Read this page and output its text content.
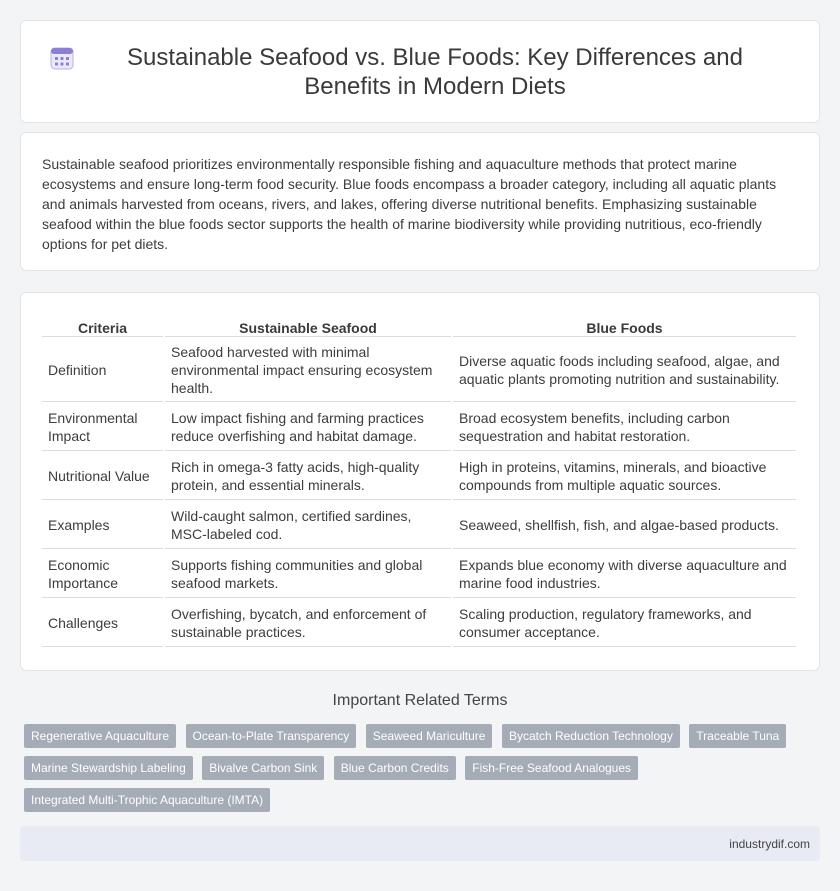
Sustainable Seafood vs. Blue Foods: Key Differences and Benefits in Modern Diets

Sustainable seafood prioritizes environmentally responsible fishing and aquaculture methods that protect marine ecosystems and ensure long-term food security. Blue foods encompass a broader category, including all aquatic plants and animals harvested from oceans, rivers, and lakes, offering diverse nutritional benefits. Emphasizing sustainable seafood within the blue foods sector supports the health of marine biodiversity while providing nutritious, eco-friendly options for pet diets.

Criteria	Sustainable Seafood	Blue Foods
Definition	Seafood harvested with minimal environmental impact ensuring ecosystem health.	Diverse aquatic foods including seafood, algae, and aquatic plants promoting nutrition and sustainability.
Environmental Impact	Low impact fishing and farming practices reduce overfishing and habitat damage.	Broad ecosystem benefits, including carbon sequestration and habitat restoration.
Nutritional Value	Rich in omega-3 fatty acids, high-quality protein, and essential minerals.	High in proteins, vitamins, minerals, and bioactive compounds from multiple aquatic sources.
Examples	Wild-caught salmon, certified sardines, MSC-labeled cod.	Seaweed, shellfish, fish, and algae-based products.
Economic Importance	Supports fishing communities and global seafood markets.	Expands blue economy with diverse aquaculture and marine food industries.
Challenges	Overfishing, bycatch, and enforcement of sustainable practices.	Scaling production, regulatory frameworks, and consumer acceptance.
Important Related Terms
Regenerative Aquaculture Ocean-to-Plate Transparency Seaweed Mariculture Bycatch Reduction Technology Traceable Tuna Marine Stewardship Labeling Bivalve Carbon Sink Blue Carbon Credits Fish-Free Seafood Analogues Integrated Multi-Trophic Aquaculture (IMTA)
industrydif.com
